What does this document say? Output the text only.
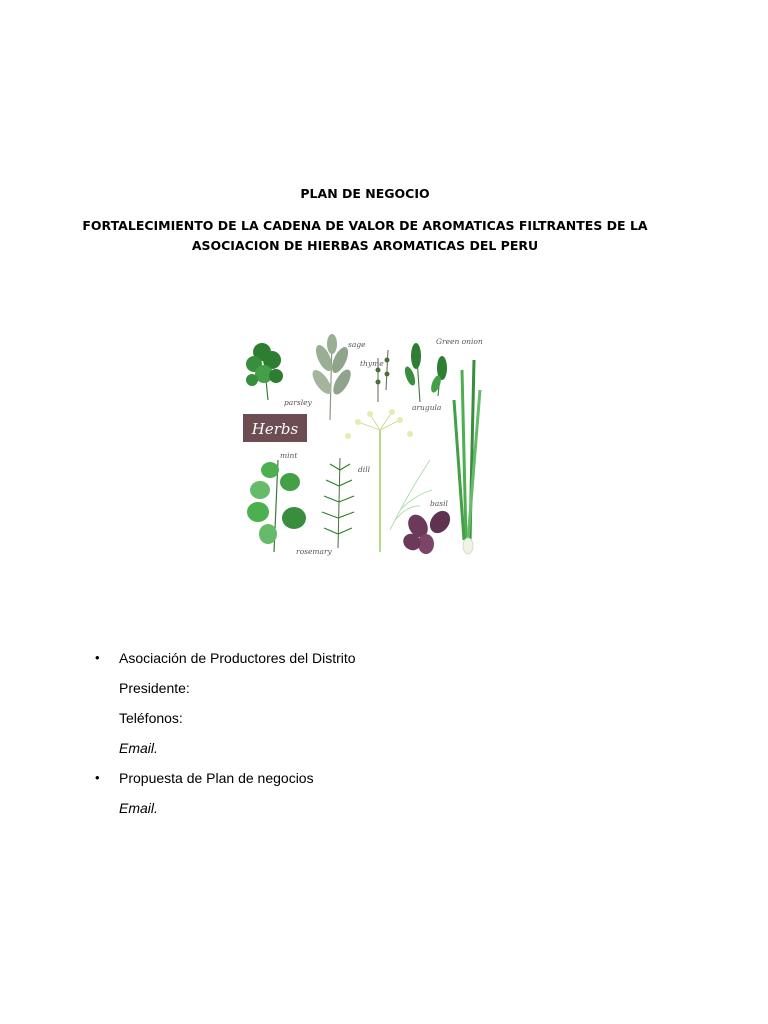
PLAN DE NEGOCIO
FORTALECIMIENTO DE LA CADENA DE VALOR DE AROMATICAS FILTRANTES DE LA
ASOCIACION DE HIERBAS AROMATICAS DEL PERU
parsley
sage
thyme
arugula
Green onion
Herbs
dill
mint
rosemary
basil
•	Asociación de Productores del Distrito
Presidente:
Teléfonos:
Email.
•	Propuesta de Plan de negocios
Email.
